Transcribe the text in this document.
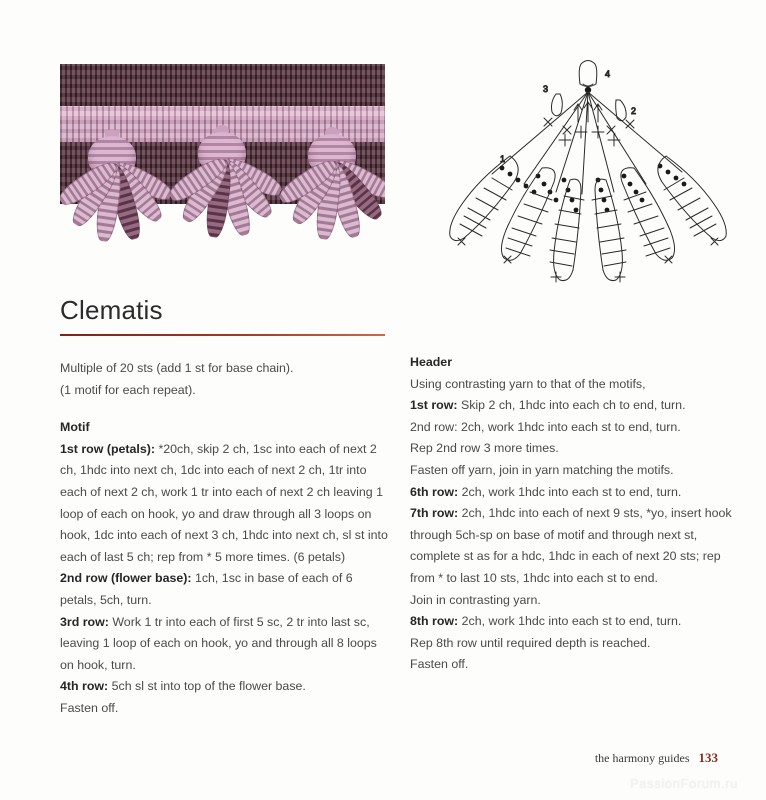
1
2
3
4
Clematis

Multiple of 20 sts (add 1 st for base chain).

(1 motif for each repeat).

Motif

1st row (petals): *20ch, skip 2 ch, 1sc into each of next 2 ch, 1hdc into next ch, 1dc into each of next 2 ch, 1tr into each of next 2 ch, work 1 tr into each of next 2 ch leaving 1 loop of each on hook, yo and draw through all 3 loops on hook, 1dc into each of next 3 ch, 1hdc into next ch, sl st into each of last 5 ch; rep from * 5 more times. (6 petals)

2nd row (flower base): 1ch, 1sc in base of each of 6 petals, 5ch, turn.

3rd row: Work 1 tr into each of first 5 sc, 2 tr into last sc, leaving 1 loop of each on hook, yo and through all 8 loops on hook, turn.

4th row: 5ch sl st into top of the flower base.

Fasten off.

Header

Using contrasting yarn to that of the motifs,

1st row: Skip 2 ch, 1hdc into each ch to end, turn.

2nd row: 2ch, work 1hdc into each st to end, turn.

Rep 2nd row 3 more times.

Fasten off yarn, join in yarn matching the motifs.

6th row: 2ch, work 1hdc into each st to end, turn.

7th row: 2ch, 1hdc into each of next 9 sts, *yo, insert hook through 5ch-sp on base of motif and through next st, complete st as for a hdc, 1hdc in each of next 20 sts; rep from * to last 10 sts, 1hdc into each st to end.

Join in contrasting yarn.

8th row: 2ch, work 1hdc into each st to end, turn.

Rep 8th row until required depth is reached.

Fasten off.

the harmony guides 133
PassionForum.ru
